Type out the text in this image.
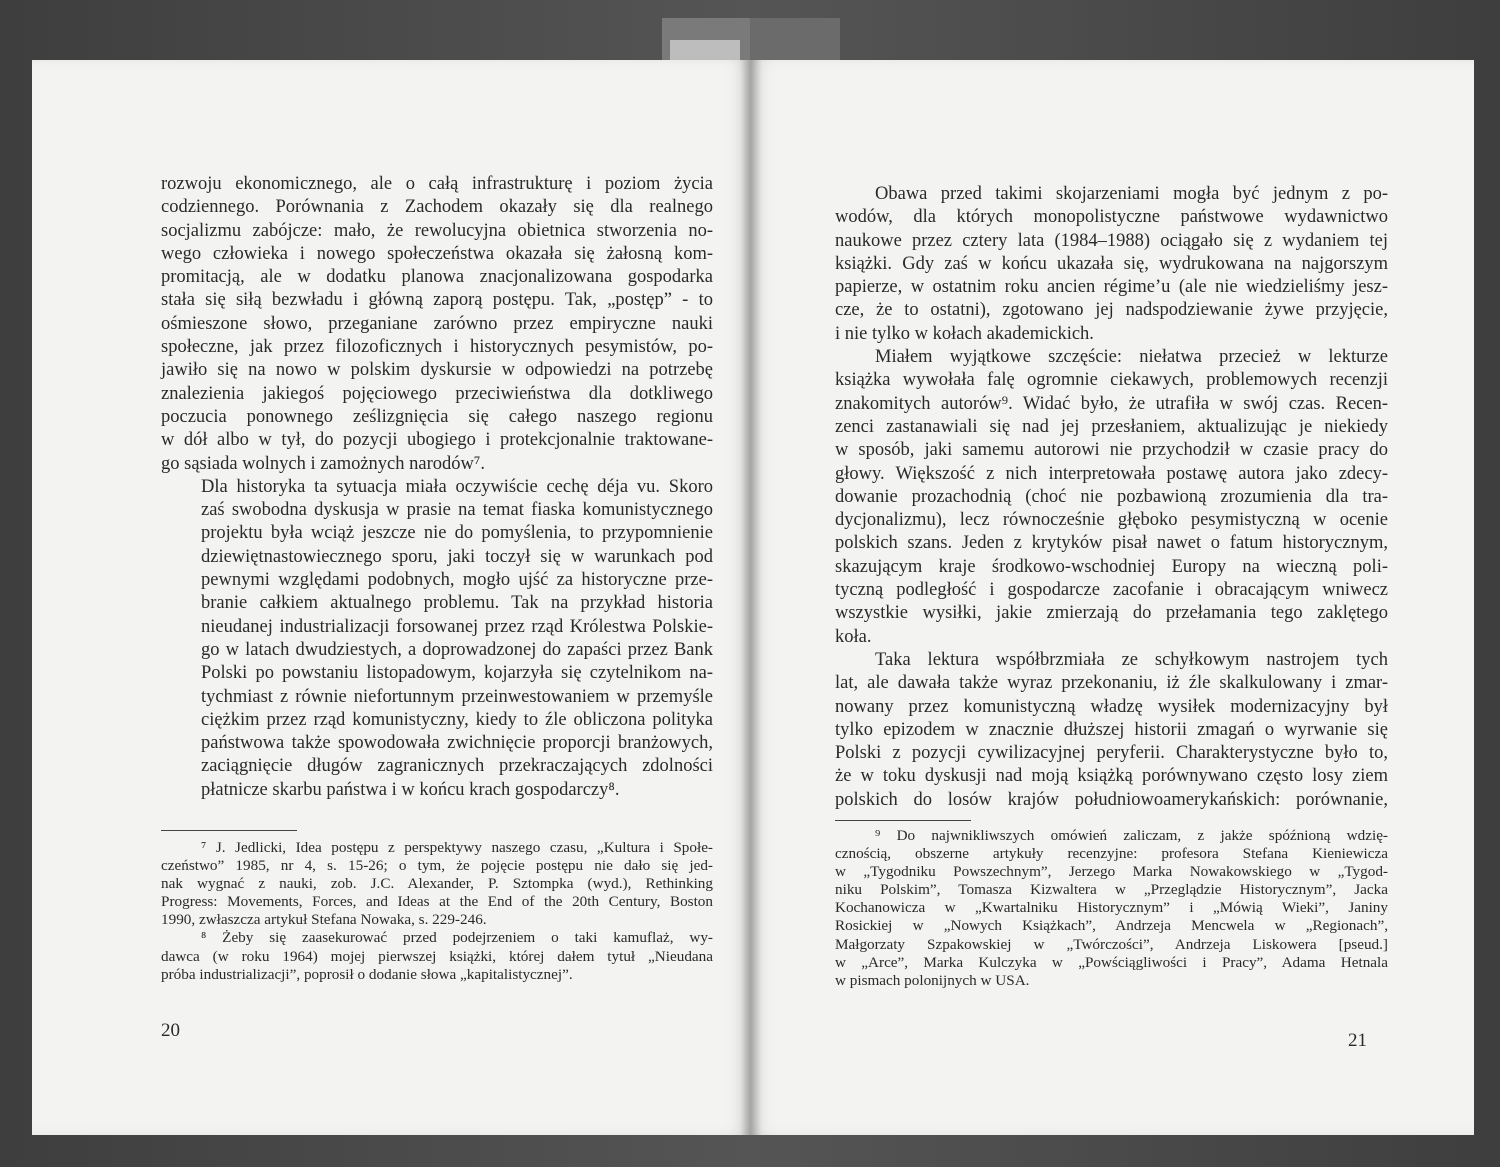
rozwoju ekonomicznego, ale o całą infrastrukturę i poziom życia
codziennego. Porównania z Zachodem okazały się dla realnego
socjalizmu zabójcze: mało, że rewolucyjna obietnica stworzenia no-
wego człowieka i nowego społeczeństwa okazała się żałosną kom-
promitacją, ale w dodatku planowa znacjonalizowana gospodarka
stała się siłą bezwładu i główną zaporą postępu. Tak, „postęp” - to
ośmieszone słowo, przeganiane zarówno przez empiryczne nauki
społeczne, jak przez filozoficznych i historycznych pesymistów, po-
jawiło się na nowo w polskim dyskursie w odpowiedzi na potrzebę
znalezienia jakiegoś pojęciowego przeciwieństwa dla dotkliwego
poczucia ponownego ześlizgnięcia się całego naszego regionu
w dół albo w tył, do pozycji ubogiego i protekcjonalnie traktowane-
go sąsiada wolnych i zamożnych narodów⁷.

Dla historyka ta sytuacja miała oczywiście cechę déja vu. Skoro
zaś swobodna dyskusja w prasie na temat fiaska komunistycznego
projektu była wciąż jeszcze nie do pomyślenia, to przypomnienie
dziewiętnastowiecznego sporu, jaki toczył się w warunkach pod
pewnymi względami podobnych, mogło ujść za historyczne prze-
branie całkiem aktualnego problemu. Tak na przykład historia
nieudanej industrializacji forsowanej przez rząd Królestwa Polskie-
go w latach dwudziestych, a doprowadzonej do zapaści przez Bank
Polski po powstaniu listopadowym, kojarzyła się czytelnikom na-
tychmiast z równie niefortunnym przeinwestowaniem w przemyśle
ciężkim przez rząd komunistyczny, kiedy to źle obliczona polityka
państwowa także spowodowała zwichnięcie proporcji branżowych,
zaciągnięcie długów zagranicznych przekraczających zdolności
płatnicze skarbu państwa i w końcu krach gospodarczy⁸.

⁷ J. Jedlicki, Idea postępu z perspektywy naszego czasu, „Kultura i Społe-
czeństwo” 1985, nr 4, s. 15-26; o tym, że pojęcie postępu nie dało się jed-
nak wygnać z nauki, zob. J.C. Alexander, P. Sztompka (wyd.), Rethinking
Progress: Movements, Forces, and Ideas at the End of the 20th Century, Boston
1990, zwłaszcza artykuł Stefana Nowaka, s. 229-246.

⁸ Żeby się zaasekurować przed podejrzeniem o taki kamuflaż, wy-
dawca (w roku 1964) mojej pierwszej książki, której dałem tytuł „Nieudana
próba industrializacji”, poprosił o dodanie słowa „kapitalistycznej”.

20

Obawa przed takimi skojarzeniami mogła być jednym z po-
wodów, dla których monopolistyczne państwowe wydawnictwo
naukowe przez cztery lata (1984–1988) ociągało się z wydaniem tej
książki. Gdy zaś w końcu ukazała się, wydrukowana na najgorszym
papierze, w ostatnim roku ancien régime’u (ale nie wiedzieliśmy jesz-
cze, że to ostatni), zgotowano jej nadspodziewanie żywe przyjęcie,
i nie tylko w kołach akademickich.

Miałem wyjątkowe szczęście: niełatwa przecież w lekturze
książka wywołała falę ogromnie ciekawych, problemowych recenzji
znakomitych autorów⁹. Widać było, że utrafiła w swój czas. Recen-
zenci zastanawiali się nad jej przesłaniem, aktualizując je niekiedy
w sposób, jaki samemu autorowi nie przychodził w czasie pracy do
głowy. Większość z nich interpretowała postawę autora jako zdecy-
dowanie prozachodnią (choć nie pozbawioną zrozumienia dla tra-
dycjonalizmu), lecz równocześnie głęboko pesymistyczną w ocenie
polskich szans. Jeden z krytyków pisał nawet o fatum historycznym,
skazującym kraje środkowo-wschodniej Europy na wieczną poli-
tyczną podległość i gospodarcze zacofanie i obracającym wniwecz
wszystkie wysiłki, jakie zmierzają do przełamania tego zaklętego
koła.

Taka lektura współbrzmiała ze schyłkowym nastrojem tych
lat, ale dawała także wyraz przekonaniu, iż źle skalkulowany i zmar-
nowany przez komunistyczną władzę wysiłek modernizacyjny był
tylko epizodem w znacznie dłuższej historii zmagań o wyrwanie się
Polski z pozycji cywilizacyjnej peryferii. Charakterystyczne było to,
że w toku dyskusji nad moją książką porównywano często losy ziem
polskich do losów krajów południowoamerykańskich: porównanie,

⁹ Do najwnikliwszych omówień zaliczam, z jakże spóźnioną wdzię-
cznością, obszerne artykuły recenzyjne: profesora Stefana Kieniewicza
w „Tygodniku Powszechnym”, Jerzego Marka Nowakowskiego w „Tygod-
niku Polskim”, Tomasza Kizwaltera w „Przeglądzie Historycznym”, Jacka
Kochanowicza w „Kwartalniku Historycznym” i „Mówią Wieki”, Janiny
Rosickiej w „Nowych Książkach”, Andrzeja Mencwela w „Regionach”,
Małgorzaty Szpakowskiej w „Twórczości”, Andrzeja Liskowera [pseud.]
w „Arce”, Marka Kulczyka w „Powściągliwości i Pracy”, Adama Hetnala
w pismach polonijnych w USA.

21
